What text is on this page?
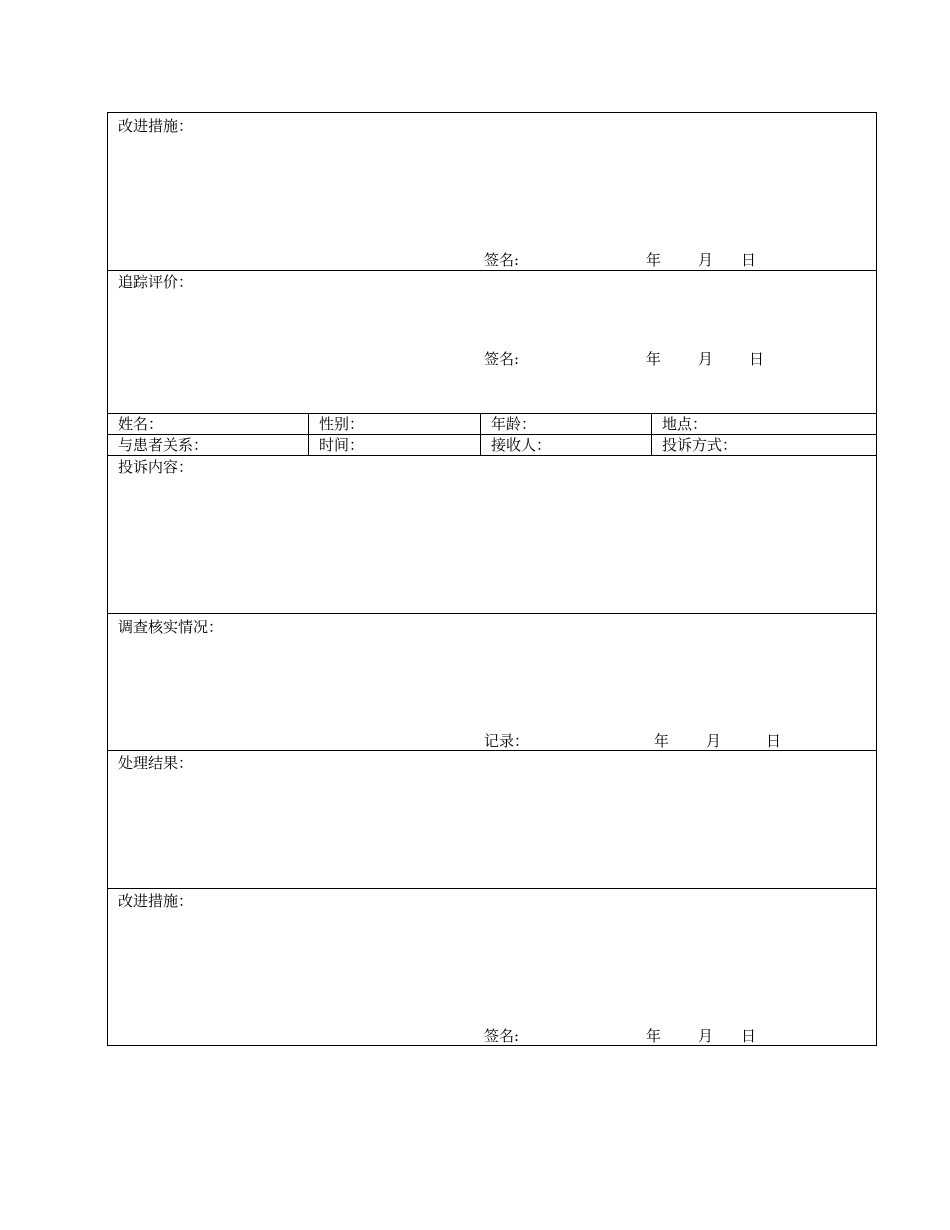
改进措施：
签名:	年 月 日
追踪评价：
签名:	年 月 日
姓名：	性别：	年龄：	地点：
与患者关系：	时间：	接收人：	投诉方式：
投诉内容：
调查核实情况：
记录：	年 月	日
处理结果：
改进措施：
签名:	年 月 日
